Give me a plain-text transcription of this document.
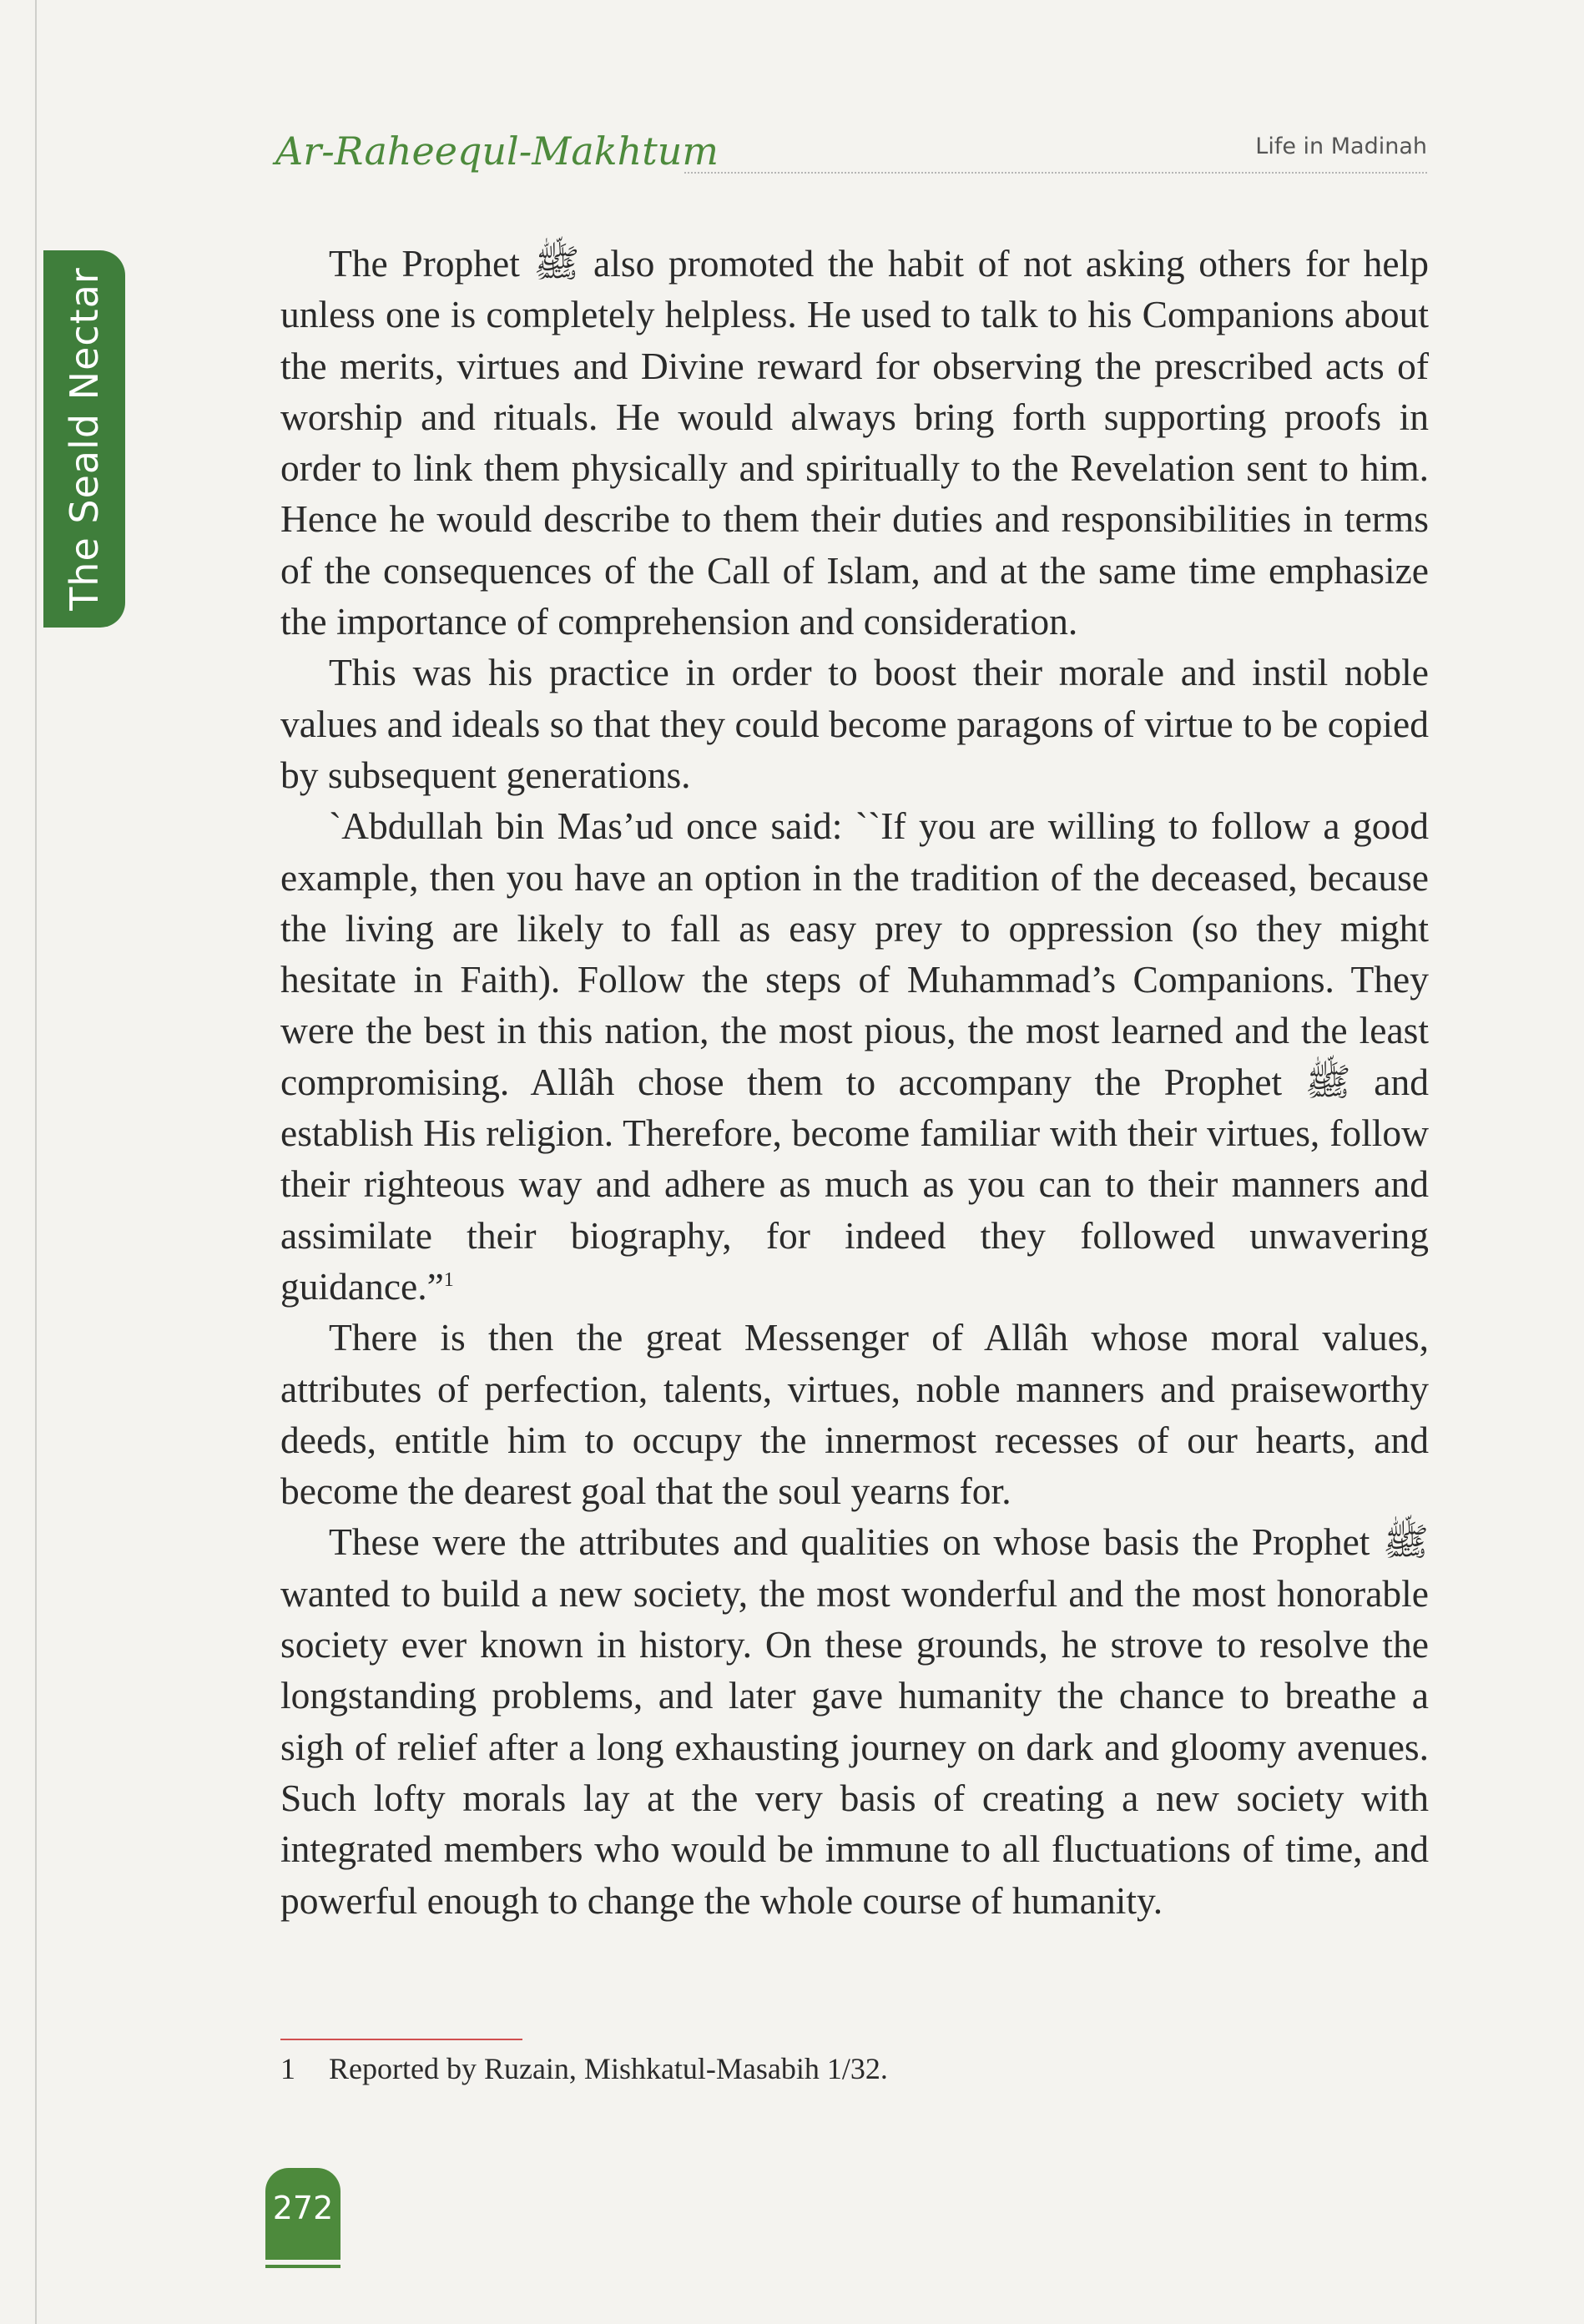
The Seald Nectar
Ar-Raheequl-Makhtum	Life in Madinah

The Prophet ﷺ also promoted the habit of not asking others for help unless one is completely helpless. He used to talk to his Companions about the merits, virtues and Divine reward for observing the prescribed acts of worship and rituals. He would always bring forth supporting proofs in order to link them physically and spiritually to the Revelation sent to him. Hence he would describe to them their duties and responsibilities in terms of the consequences of the Call of Islam, and at the same time emphasize the importance of comprehension and consideration.

This was his practice in order to boost their morale and instil noble values and ideals so that they could become paragons of virtue to be copied by subsequent generations.

`Abdullah bin Mas’ud once said: ``If you are willing to follow a good example, then you have an option in the tradition of the deceased, because the living are likely to fall as easy prey to oppression (so they might hesitate in Faith). Follow the steps of Muhammad’s Companions. They were the best in this nation, the most pious, the most learned and the least compromising. Allâh chose them to accompany the Prophet ﷺ and establish His religion. Therefore, become familiar with their virtues, follow their righteous way and adhere as much as you can to their manners and assimilate their biography, for indeed they followed unwavering guidance.”$^1$

There is then the great Messenger of Allâh whose moral values, attributes of perfection, talents, virtues, noble manners and praiseworthy deeds, entitle him to occupy the innermost recesses of our hearts, and become the dearest goal that the soul yearns for.

These were the attributes and qualities on whose basis the Prophet ﷺ wanted to build a new society, the most wonderful and the most honorable society ever known in history. On these grounds, he strove to resolve the longstanding problems, and later gave humanity the chance to breathe a sigh of relief after a long exhausting journey on dark and gloomy avenues. Such lofty morals lay at the very basis of creating a new society with integrated members who would be immune to all fluctuations of time, and powerful enough to change the whole course of humanity.

1 Reported by Ruzain, Mishkatul-Masabih 1/32.
272
